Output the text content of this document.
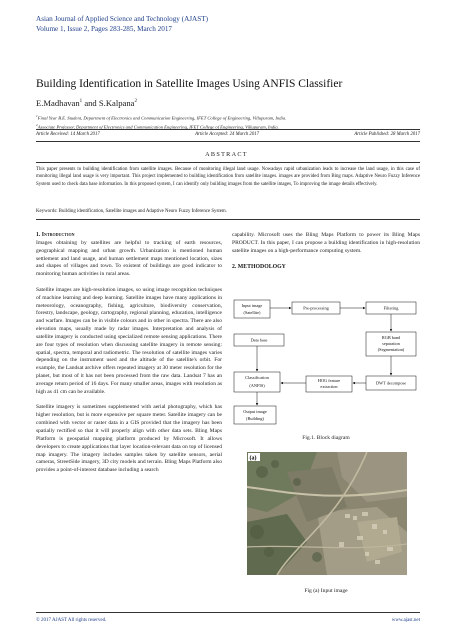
Asian Journal of Applied Science and Technology (AJAST)
Volume 1, Issue 2, Pages 283-285, March 2017
Building Identification in Satellite Images Using ANFIS Classifier
E.Madhavan$^1$ and S.Kalpana$^2$
$^1$Final Year B.E. Student, Department of Electronics and Communication Engineering, IFET College of Engineering, Villupuram, India.
$^2$Associate Professor, Department of Electronics and Communication Engineering, IFET College of Engineering, Villupuram, India.
Article Received: 14 March 2017	Article Accepted: 24 March 2017	Article Published: 28 March 2017
ABSTRACT
This paper presents to building identification from satellite images. Because of monitoring illegal land usage. Nowadays rapid urbanization leads to increase the land usage, in this case of monitoring illegal land usage is very important. This project implemented to building identification from satellite images. images are provided from Bing maps. Adaptive Neuro Fuzzy Inference System used to check data base information. In this proposed system, I can identify only building images from the satellite images, To improving the image details effectively.
Keywords: Building identification, Satellite images and Adaptive Neuro Fuzzy Inference System.
1. Introduction

Images obtaining by satellites are helpful to tracking of earth resources, geographical mapping and urban growth. Urbanization is mentioned human settlement and land usage, and human settlement maps mentioned location, sizes and shapes of villages and town. To existent of buildings are good indicator to monitoring human activities in rural areas.

Satellite images are high-resolution images, so using image recognition techniques of machine learning and deep learning. Satellite images have many applications in meteorology, oceanography, fishing, agriculture, biodiversity conservation, forestry, landscape, geology, cartography, regional planning, education, intelligence and warfare. Images can be in visible colours and in other in spectra. There are also elevation maps, usually made by radar images. Interpretation and analysis of satellite imagery is conducted using specialized remote sensing applications. There are four types of resolution when discussing satellite imagery in remote sensing: spatial, spectra, temporal and radiometric. The resolution of satellite images varies depending on the instrument used and the altitude of the satellite's orbit. For example, the Landsat archive offers repeated imagery at 30 meter resolution for the planet, but most of it has not been processed from the raw data. Landsat 7 has an average return period of 16 days. For many smaller areas, images with resolution as high as 41 cm can be available.

Satellite imagery is sometimes supplemented with aerial photography, which has higher resolution, but is more expensive per square meter. Satellite imagery can be combined with vector or raster data in a GIS provided that the imagery has been spatially rectified so that it will properly align with other data sets. Bling Maps Platform is geospatial mapping platform produced by Microsoft. It allows developers to create applications that layer location-relevant data on top of licensed map imagery. The imagery includes samples taken by satellite sensors, aerial cameras, StreetSide imagery, 3D city models and terrain. Bling Maps Platform also provides a point-of-interest database including a search

capability. Microsoft uses the Bling Maps Platform to power its Bling Maps PRODUCT. In this paper, I can propose a building identification in high-resolution satellite images on a high-performance computing system.

2. METHODOLOGY
Input image
(Satellite)
Pre-processing	Filtering
Data base	RGB band
separation
(Segmentation)
Classification
(ANFIS)
HOG feature
extraction
DWT decompose
Output image
(Building)
Fig.1. Block diagram
(a)
Fig (a) Input image
© 2017 AJAST All rights reserved.	www.ajast.net
